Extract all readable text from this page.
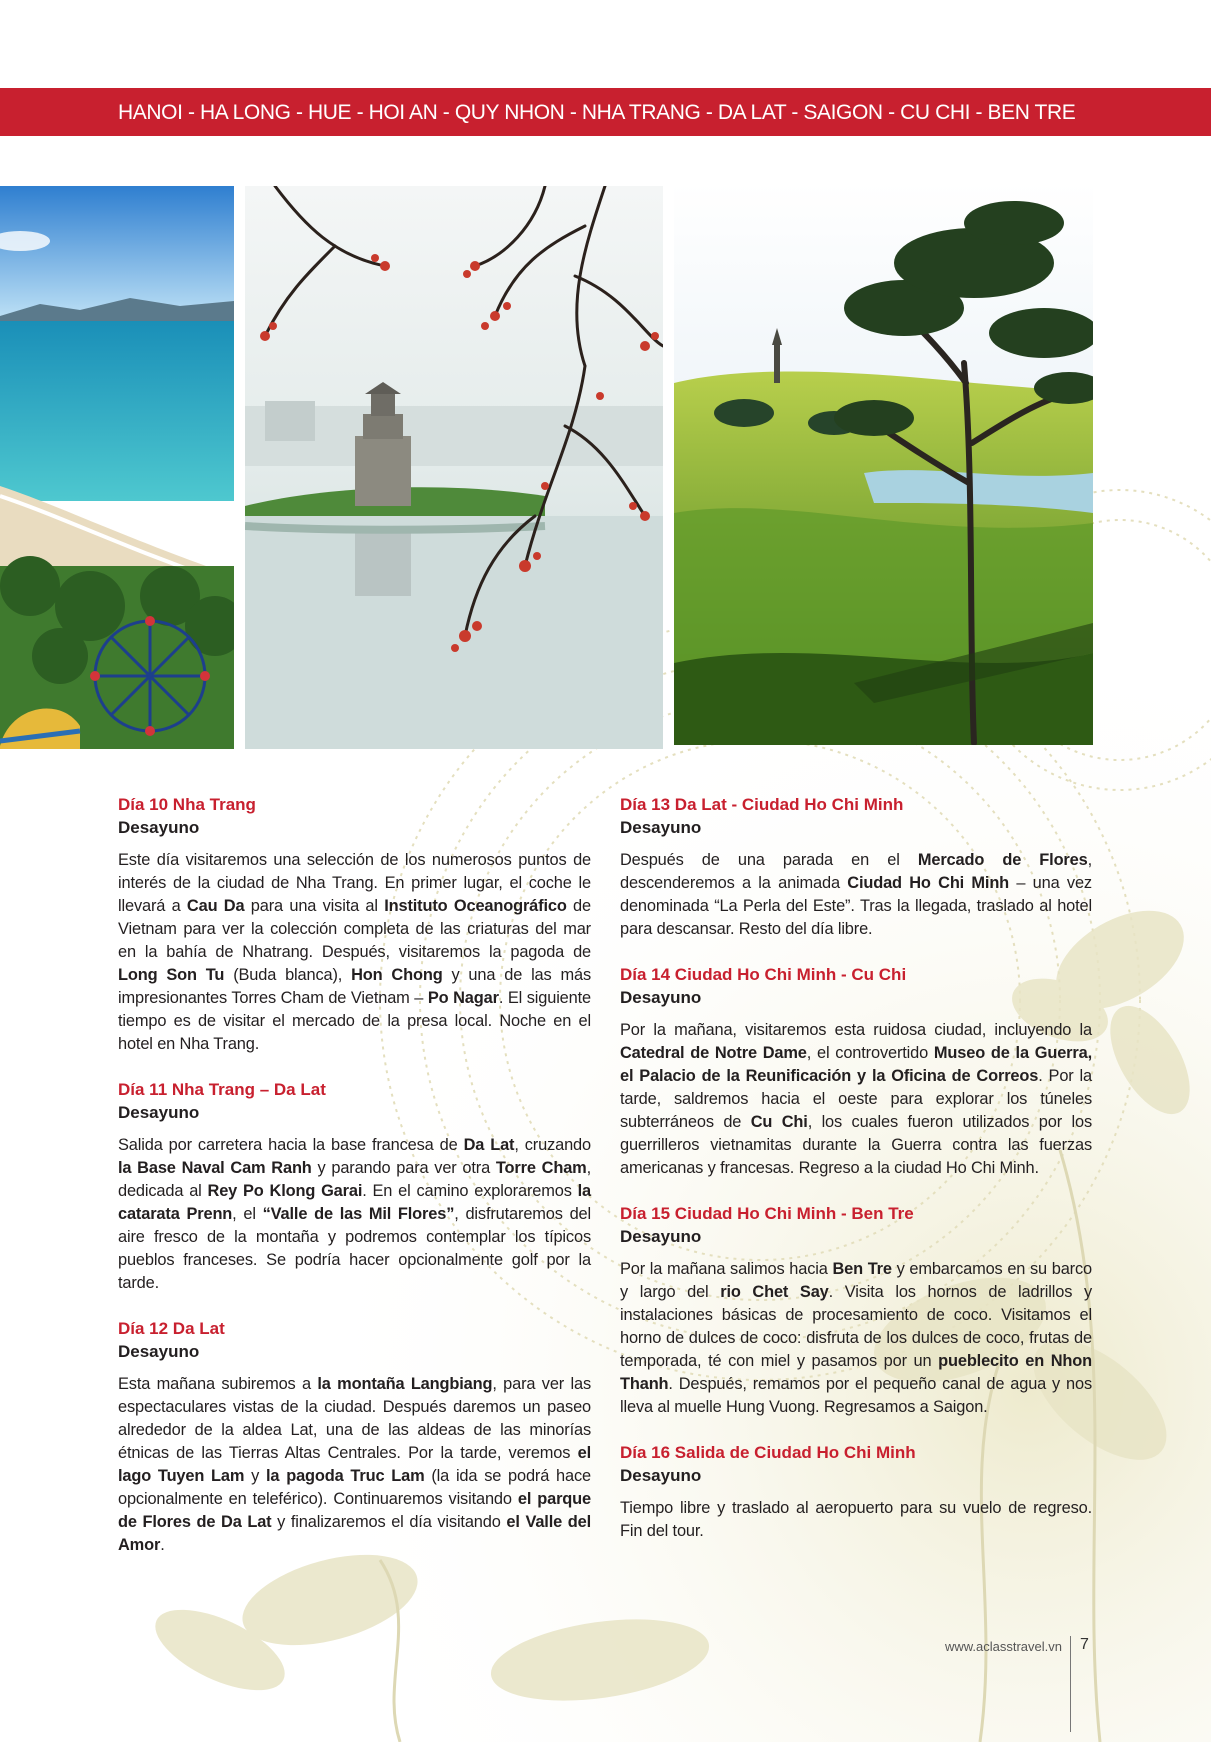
HANOI - HA LONG - HUE - HOI AN - QUY NHON - NHA TRANG - DA LAT - SAIGON - CU CHI - BEN TRE

Día 10 Nha Trang

Desayuno

Este día visitaremos una selección de los numerosos puntos de interés de la ciudad de Nha Trang. En primer lugar, el coche le llevará a Cau Da para una visita al Instituto Oceanográfico de Vietnam para ver la colección completa de las criaturas del mar en la bahía de Nhatrang. Después, visitaremos la pagoda de Long Son Tu (Buda blanca), Hon Chong y una de las más impresionantes Torres Cham de Vietnam – Po Nagar. El siguiente tiempo es de visitar el mercado de la presa local. Noche en el hotel en Nha Trang.

Día 11 Nha Trang – Da Lat

Desayuno

Salida por carretera hacia la base francesa de Da Lat, cruzando la Base Naval Cam Ranh y parando para ver otra Torre Cham, dedicada al Rey Po Klong Garai. En el camino exploraremos la catarata Prenn, el “Valle de las Mil Flores”, disfrutaremos del aire fresco de la montaña y podremos contemplar los típicos pueblos franceses. Se podría hacer opcionalmente golf por la tarde.

Día 12 Da Lat

Desayuno

Esta mañana subiremos a la montaña Langbiang, para ver las espectaculares vistas de la ciudad. Después daremos un paseo alrededor de la aldea Lat, una de las aldeas de las minorías étnicas de las Tierras Altas Centrales. Por la tarde, veremos el lago Tuyen Lam y la pagoda Truc Lam (la ida se podrá hace opcionalmente en teleférico). Continuaremos visitando el parque de Flores de Da Lat y finalizaremos el día visitando el Valle del Amor.

Día 13 Da Lat - Ciudad Ho Chi Minh

Desayuno

Después de una parada en el Mercado de Flores, descenderemos a la animada Ciudad Ho Chi Minh – una vez denominada “La Perla del Este”. Tras la llegada, traslado al hotel para descansar. Resto del día libre.

Día 14 Ciudad Ho Chi Minh - Cu Chi

Desayuno

Por la mañana, visitaremos esta ruidosa ciudad, incluyendo la Catedral de Notre Dame, el controvertido Museo de la Guerra, el Palacio de la Reunificación y la Oficina de Correos. Por la tarde, saldremos hacia el oeste para explorar los túneles subterráneos de Cu Chi, los cuales fueron utilizados por los guerrilleros vietnamitas durante la Guerra contra las fuerzas americanas y francesas. Regreso a la ciudad Ho Chi Minh.

Día 15 Ciudad Ho Chi Minh - Ben Tre

Desayuno

Por la mañana salimos hacia Ben Tre y embarcamos en su barco y largo del rio Chet Say. Visita los hornos de ladrillos y instalaciones básicas de procesamiento de coco. Visitamos el horno de dulces de coco: disfruta de los dulces de coco, frutas de temporada, té con miel y pasamos por un pueblecito en Nhon Thanh. Después, remamos por el pequeño canal de agua y nos lleva al muelle Hung Vuong. Regresamos a Saigon.

Día 16 Salida de Ciudad Ho Chi Minh

Desayuno

Tiempo libre y traslado al aeropuerto para su vuelo de regreso. Fin del tour.

www.aclasstravel.vn 7
